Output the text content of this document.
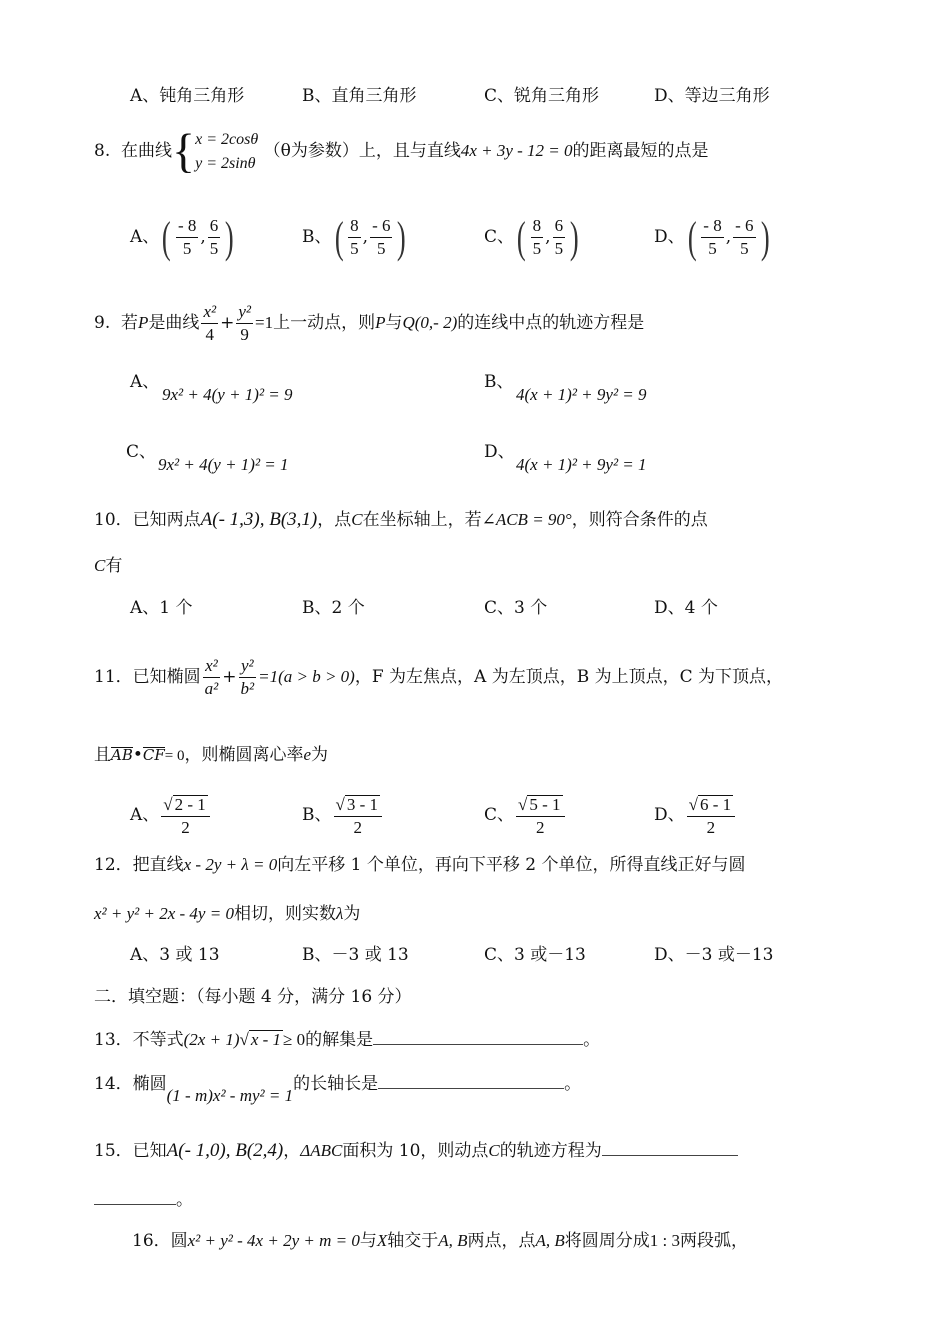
A、钝角三角形	B、直角三角形	C、锐角三角形	D、等边三角形
8. 在曲线{ x = 2cosθ
y = 2sinθ
（θ为参数）上，且与直线4x + 3y - 12 = 0的距离最短的点是
A、( $\frac{- 8}{5}$ , $\frac{6}{5}$ )	B、( $\frac{8}{5}$ , $\frac{- 6}{5}$ )	C、( $\frac{8}{5}$ , $\frac{6}{5}$ )	D、( $\frac{- 8}{5}$ , $\frac{- 6}{5}$ )
9. 若P是曲线 $\frac{\text{x²}}{4} + \frac{\text{y²}}{9} =1$上一动点，则P与Q(0,- 2)的连线中点的轨迹方程是
A、
9x² + 4(y + 1)² = 9
B、
4(x + 1)² + 9y² = 9
C、
9x² + 4(y + 1)² = 1
D、
4(x + 1)² + 9y² = 1
10．已知两点A(- 1,3), B(3,1)，点C在坐标轴上，若∠ACB = 90°，则符合条件的点
C有
A、1 个	B、2 个	C、3 个	D、4 个
11．已知椭圆 $\frac{\text{x²}}{\text{a²}} + \frac{\text{y²}}{\text{b²}} =1(a > b > 0)$，F 为左焦点，A 为左顶点，B 为上顶点，C 为下顶点，
且AB•CF= 0，则椭圆离心率e为
A、 $\frac{√ 2 - 1}{2}$	B、 $\frac{√ 3 - 1}{2}$	C、 $\frac{√ 5 - 1}{2}$	D、 $\frac{√ 6 - 1}{2}$
12．把直线x - 2y + λ = 0向左平移 1 个单位，再向下平移 2 个单位，所得直线正好与圆
x² + y² + 2x - 4y = 0相切，则实数λ为
A、3 或 13	B、－3 或 13	C、3 或－13	D、－3 或－13
二．填空题：（每小题 4 分，满分 16 分）
13．不等式(2x + 1)√ x - 1 ≥ 0的解集是	。
14．椭圆(1 - m)x² - my² = 1的长轴长是	。
15．已知A(- 1,0), B(2,4)，ΔABC面积为 10，则动点C的轨迹方程为
。
16．圆x² + y² - 4x + 2y + m = 0与X轴交于A, B两点，点A, B将圆周分成1 : 3两段弧，
